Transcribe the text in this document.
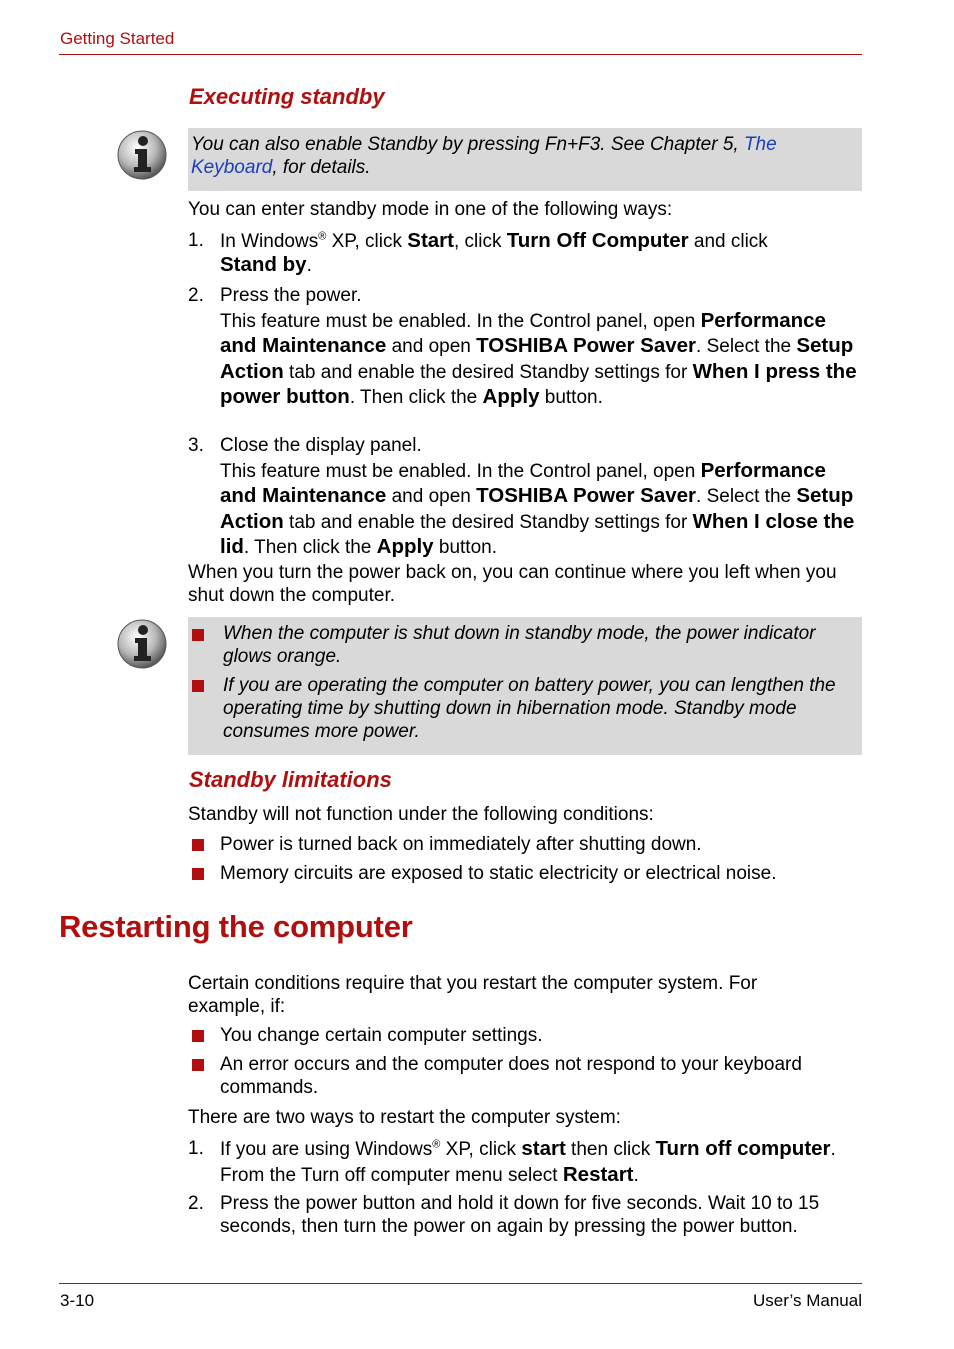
Getting Started
Executing standby
You can also enable Standby by pressing Fn+F3. See Chapter 5, The Keyboard, for details.
You can enter standby mode in one of the following ways:
1. In Windows® XP, click Start, click Turn Off Computer and click
Stand by.
2. Press the power.
This feature must be enabled. In the Control panel, open Performance and Maintenance and open TOSHIBA Power Saver. Select the Setup Action tab and enable the desired Standby settings for When I press the power button. Then click the Apply button.
3. Close the display panel.
This feature must be enabled. In the Control panel, open Performance and Maintenance and open TOSHIBA Power Saver. Select the Setup Action tab and enable the desired Standby settings for When I close the lid. Then click the Apply button.
When you turn the power back on, you can continue where you left when you shut down the computer.
When the computer is shut down in standby mode, the power indicator glows orange.
If you are operating the computer on battery power, you can lengthen the operating time by shutting down in hibernation mode. Standby mode consumes more power.
Standby limitations
Standby will not function under the following conditions:
Power is turned back on immediately after shutting down.
Memory circuits are exposed to static electricity or electrical noise.
Restarting the computer
Certain conditions require that you restart the computer system. For example, if:
You change certain computer settings.
An error occurs and the computer does not respond to your keyboard commands.
There are two ways to restart the computer system:
1. If you are using Windows® XP, click start then click Turn off computer. From the Turn off computer menu select Restart.
2. Press the power button and hold it down for five seconds. Wait 10 to 15 seconds, then turn the power on again by pressing the power button.
3-10	User’s Manual
